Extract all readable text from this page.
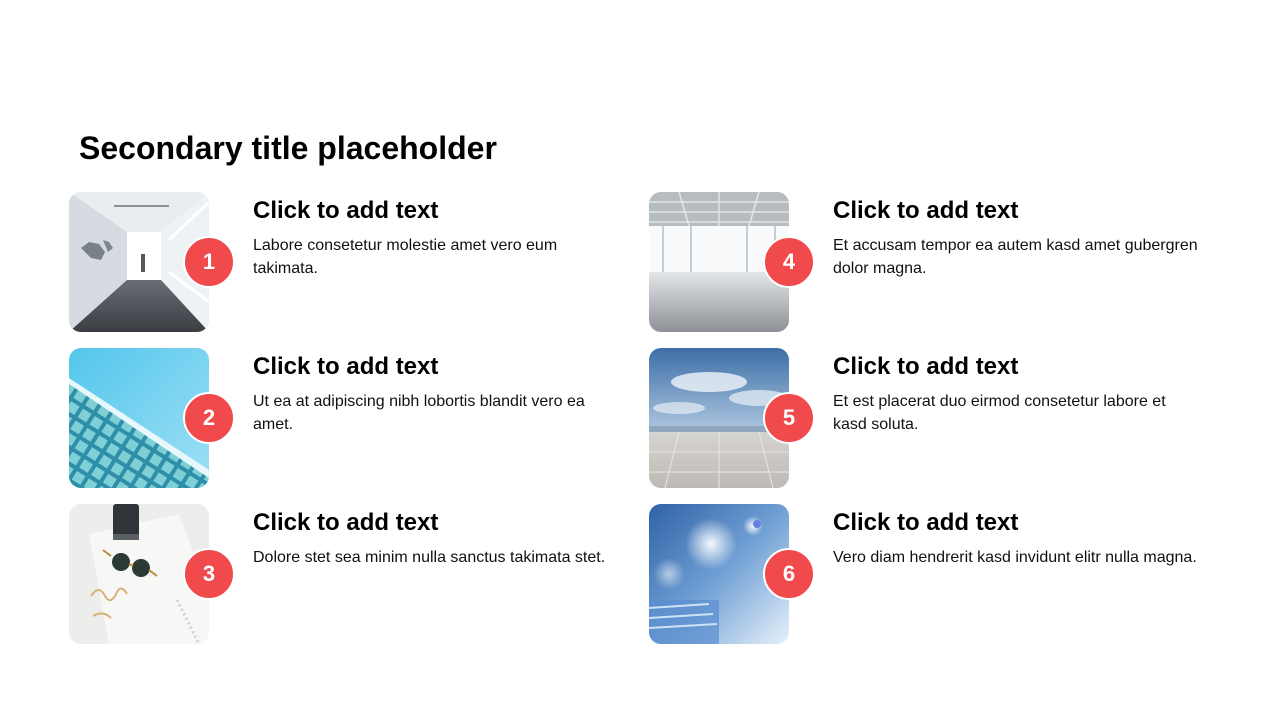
Secondary title placeholder
1
Click to add text
Labore consetetur molestie amet vero eum takimata.
2
Click to add text
Ut ea at adipiscing nibh lobortis blandit vero ea amet.
3
Click to add text
Dolore stet sea minim nulla sanctus takimata stet.
4
Click to add text
Et accusam tempor ea autem kasd amet gubergren dolor magna.
5
Click to add text
Et est placerat duo eirmod consetetur labore et kasd soluta.
6
Click to add text
Vero diam hendrerit kasd invidunt elitr nulla magna.
